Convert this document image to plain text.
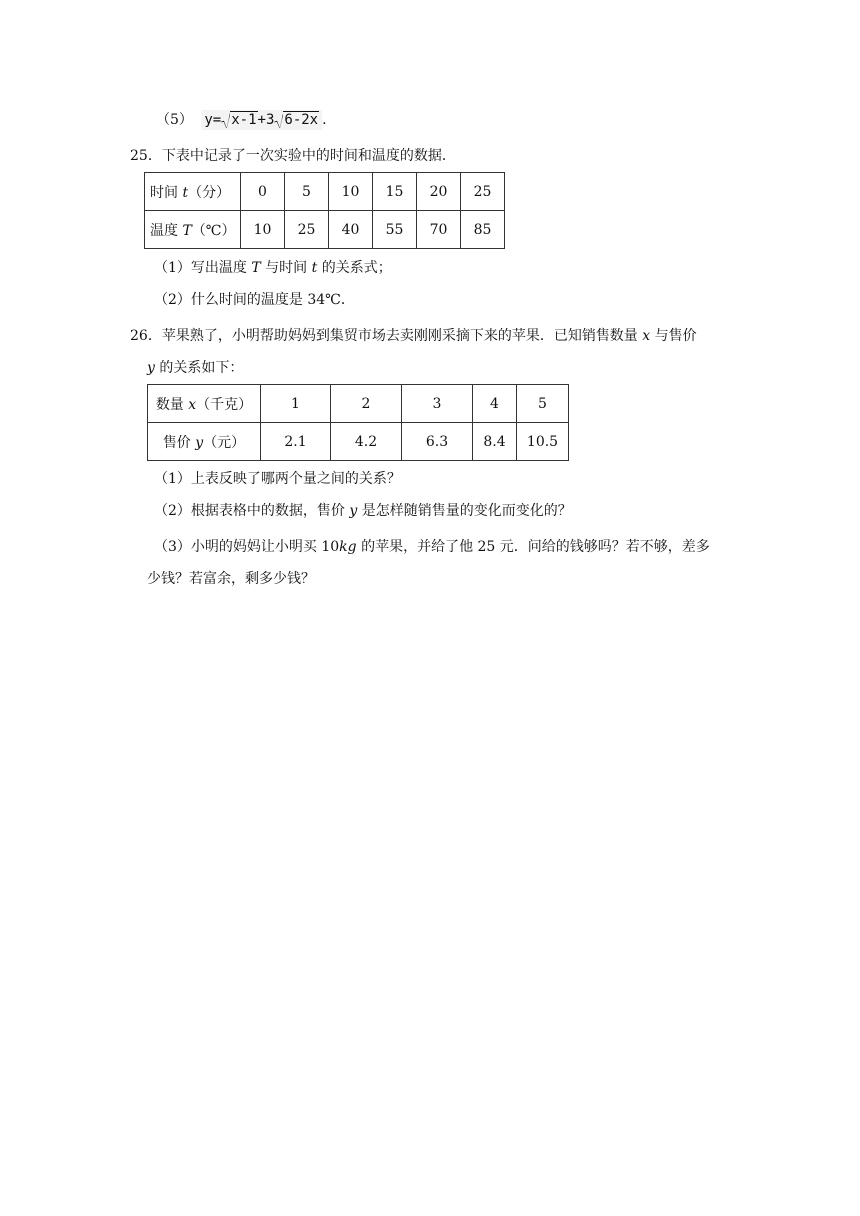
（5） y= x-1+3 6-2x .
25．下表中记录了一次实验中的时间和温度的数据．
时间 t（分）	0	5	10	15	20	25
温度 T（℃）	10	25	40	55	70	85
（1）写出温度 T 与时间 t 的关系式；
（2）什么时间的温度是 34℃．
26．苹果熟了，小明帮助妈妈到集贸市场去卖刚刚采摘下来的苹果．已知销售数量 x 与售价
y 的关系如下：
数量 x（千克）	1	2	3	4	5
售价 y（元）	2.1	4.2	6.3	8.4	10.5
（1）上表反映了哪两个量之间的关系？
（2）根据表格中的数据，售价 y 是怎样随销售量的变化而变化的？
（3）小明的妈妈让小明买 10kg 的苹果，并给了他 25 元．问给的钱够吗？若不够，差多
少钱？若富余，剩多少钱？
